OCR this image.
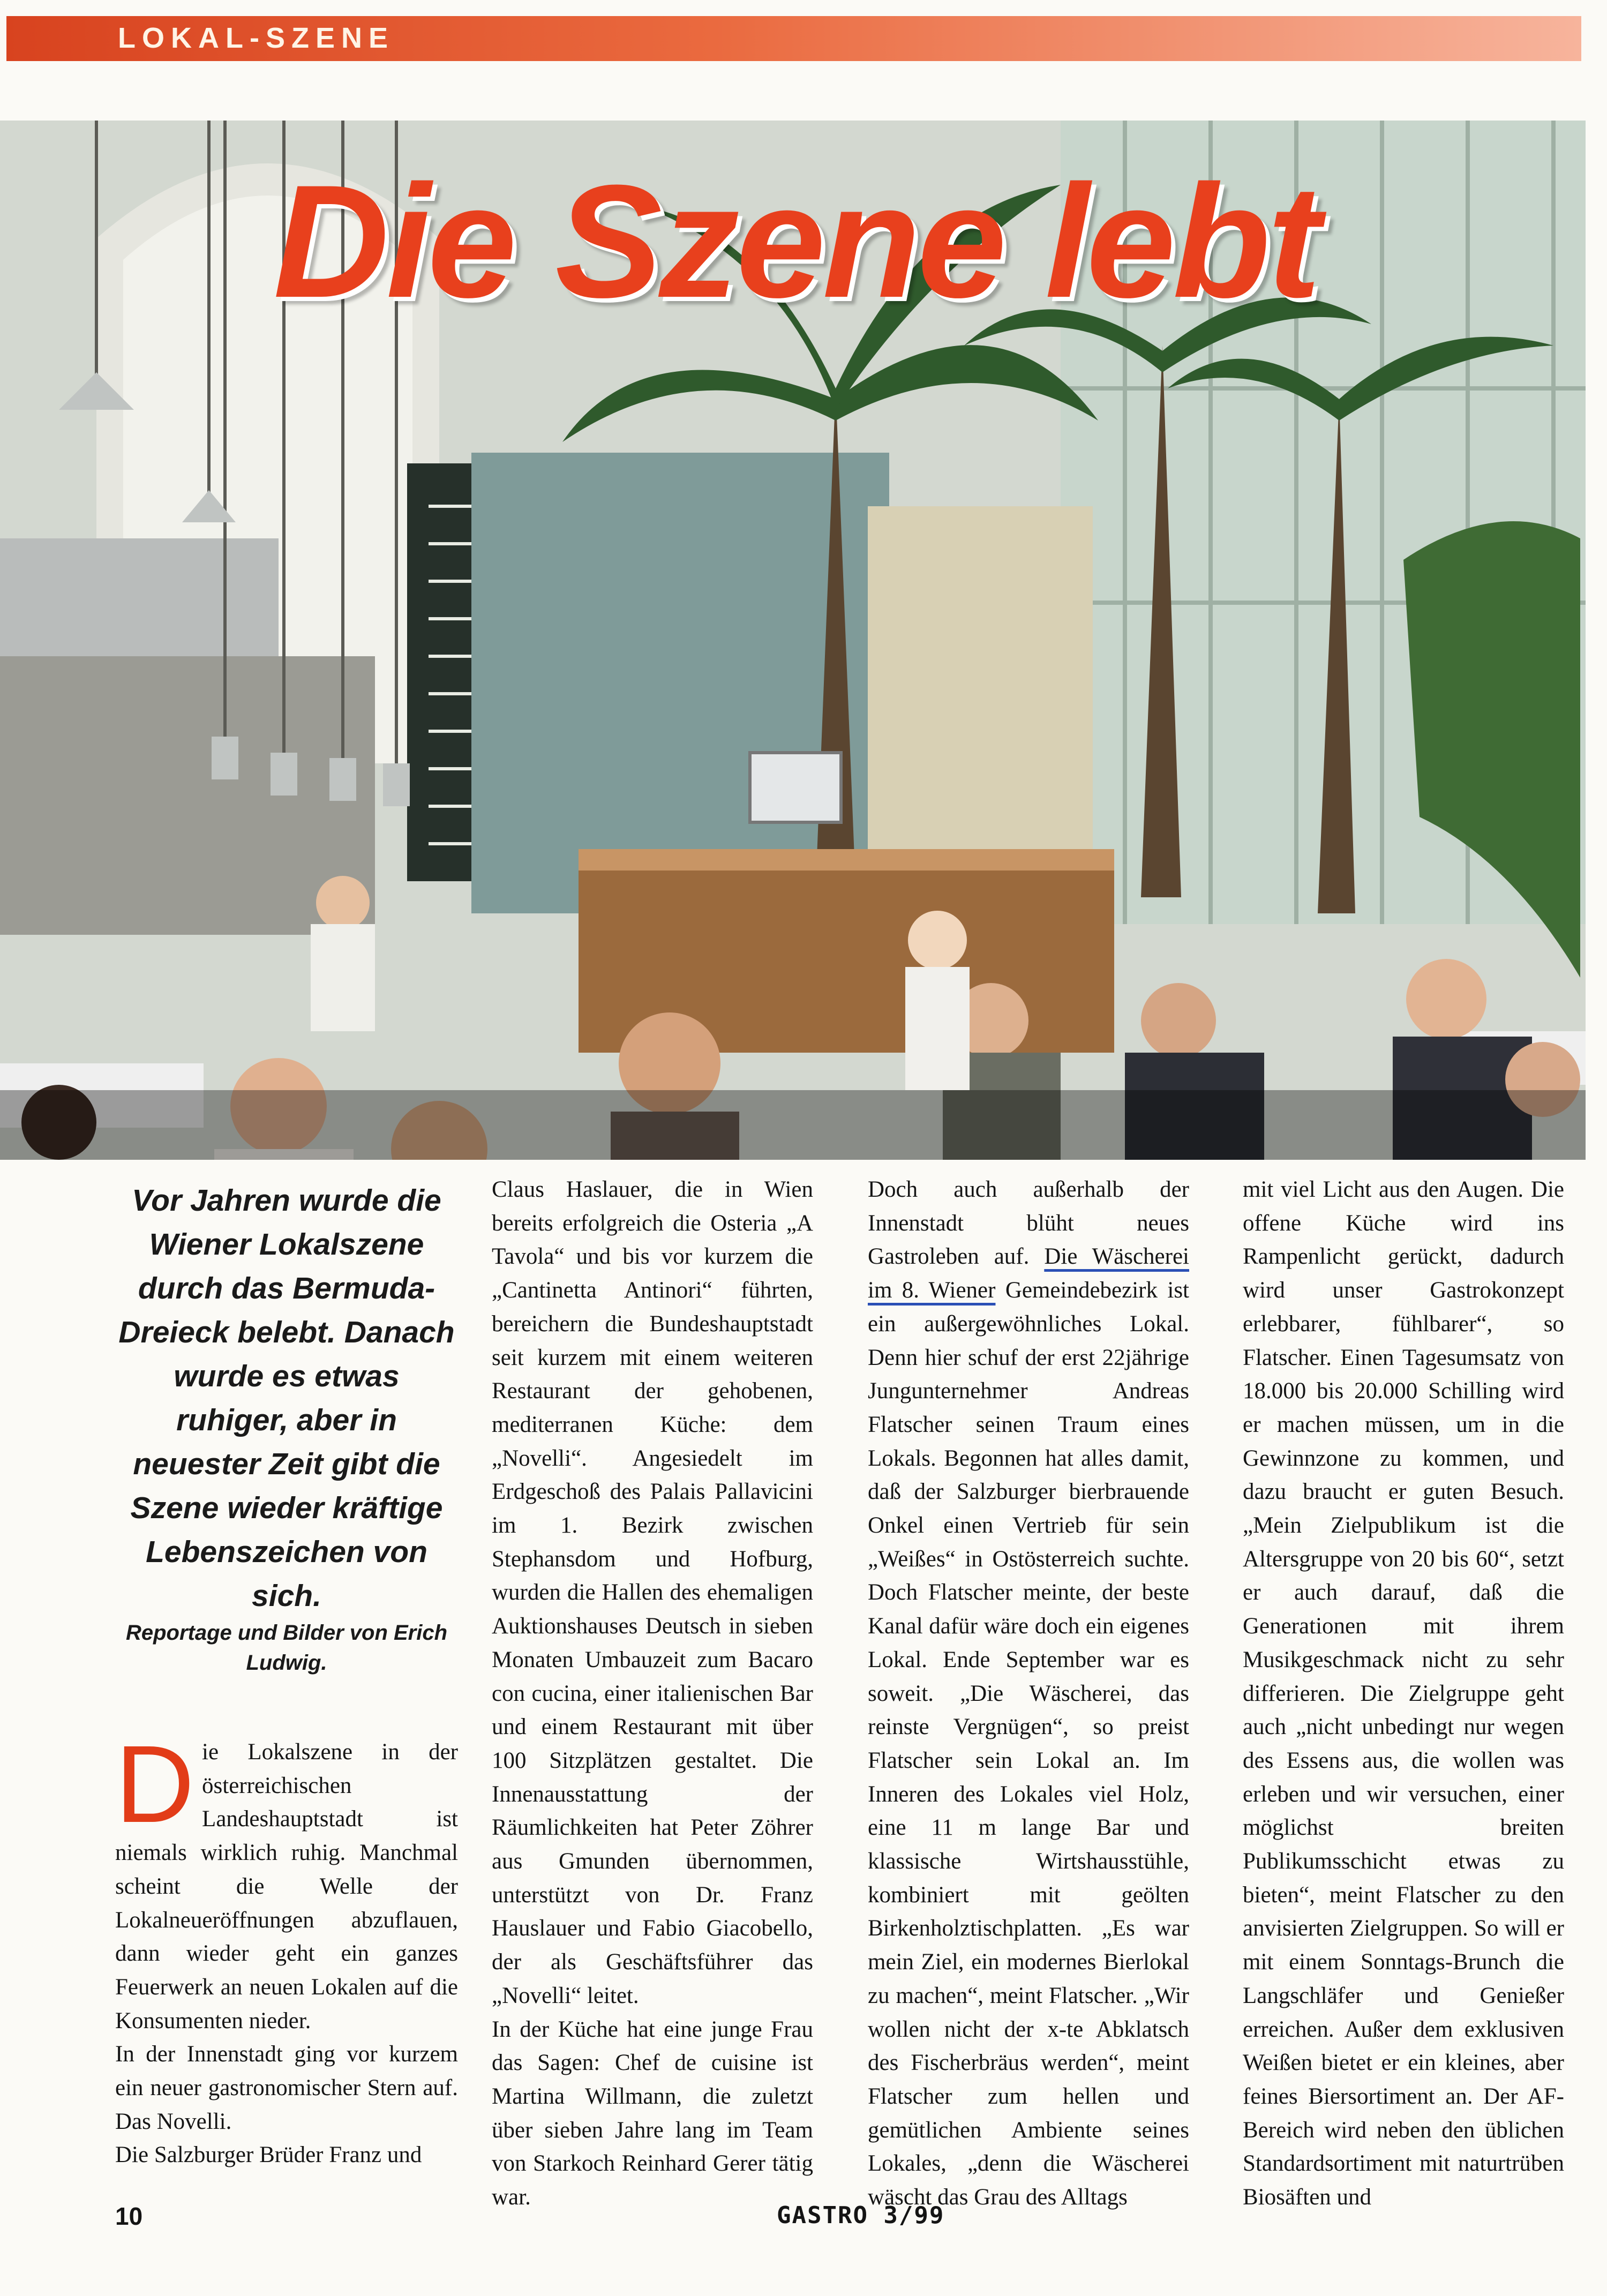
LOKAL-SZENE
Die Szene lebt
Vor Jahren wurde die Wiener Lokalszene durch das Bermuda-Dreieck belebt. Danach wurde es etwas ruhiger, aber in neuester Zeit gibt die Szene wieder kräftige Lebenszeichen von sich.
Reportage und Bilder von Erich Ludwig.

Die Lokalszene in der österreichischen Landeshauptstadt ist niemals wirklich ruhig. Manchmal scheint die Welle der Lokalneueröffnungen abzuflauen, dann wieder geht ein ganzes Feuerwerk an neuen Lokalen auf die Konsumenten nieder.

In der Innenstadt ging vor kurzem ein neuer gastronomischer Stern auf. Das Novelli.

Die Salzburger Brüder Franz und

Claus Haslauer, die in Wien bereits erfolgreich die Osteria „A Tavola“ und bis vor kurzem die „Cantinetta Antinori“ führten, bereichern die Bundeshauptstadt seit kurzem mit einem weiteren Restaurant der gehobenen, mediterranen Küche: dem „Novelli“. Angesiedelt im Erdgeschoß des Palais Pallavicini im 1. Bezirk zwischen Stephansdom und Hofburg, wurden die Hallen des ehemaligen Auktionshauses Deutsch in sieben Monaten Umbauzeit zum Bacaro con cucina, einer italienischen Bar und einem Restaurant mit über 100 Sitzplätzen gestaltet. Die Innenausstattung der Räumlichkeiten hat Peter Zöhrer aus Gmunden übernommen, unterstützt von Dr. Franz Hauslauer und Fabio Giacobello, der als Geschäftsführer das „Novelli“ leitet.

In der Küche hat eine junge Frau das Sagen: Chef de cuisine ist Martina Willmann, die zuletzt über sieben Jahre lang im Team von Starkoch Reinhard Gerer tätig war.

Doch auch außerhalb der Innenstadt blüht neues Gastroleben auf. Die Wäscherei im 8. Wiener Gemeindebezirk ist ein außergewöhnliches Lokal. Denn hier schuf der erst 22jährige Jungunternehmer Andreas Flatscher seinen Traum eines Lokals. Begonnen hat alles damit, daß der Salzburger bierbrauende Onkel einen Vertrieb für sein „Weißes“ in Ostösterreich suchte. Doch Flatscher meinte, der beste Kanal dafür wäre doch ein eigenes Lokal. Ende September war es soweit. „Die Wäscherei, das reinste Vergnügen“, so preist Flatscher sein Lokal an. Im Inneren des Lokales viel Holz, eine 11 m lange Bar und klassische Wirtshausstühle, kombiniert mit geölten Birkenholztischplatten. „Es war mein Ziel, ein modernes Bierlokal zu machen“, meint Flatscher. „Wir wollen nicht der x-te Abklatsch des Fischerbräus werden“, meint Flatscher zum hellen und gemütlichen Ambiente seines Lokales, „denn die Wäscherei wäscht das Grau des Alltags

mit viel Licht aus den Augen. Die offene Küche wird ins Rampenlicht gerückt, dadurch wird unser Gastrokonzept erlebbarer, fühlbarer“, so Flatscher. Einen Tagesumsatz von 18.000 bis 20.000 Schilling wird er machen müssen, um in die Gewinnzone zu kommen, und dazu braucht er guten Besuch. „Mein Zielpublikum ist die Altersgruppe von 20 bis 60“, setzt er auch darauf, daß die Generationen mit ihrem Musikgeschmack nicht zu sehr differieren. Die Zielgruppe geht auch „nicht unbedingt nur wegen des Essens aus, die wollen was erleben und wir versuchen, einer möglichst breiten Publikumsschicht etwas zu bieten“, meint Flatscher zu den anvisierten Zielgruppen. So will er mit einem Sonntags-Brunch die Langschläfer und Genießer erreichen. Außer dem exklusiven Weißen bietet er ein kleines, aber feines Biersortiment an. Der AF-Bereich wird neben den üblichen Standardsortiment mit naturtrüben Biosäften und

10	GASTRO 3/99
